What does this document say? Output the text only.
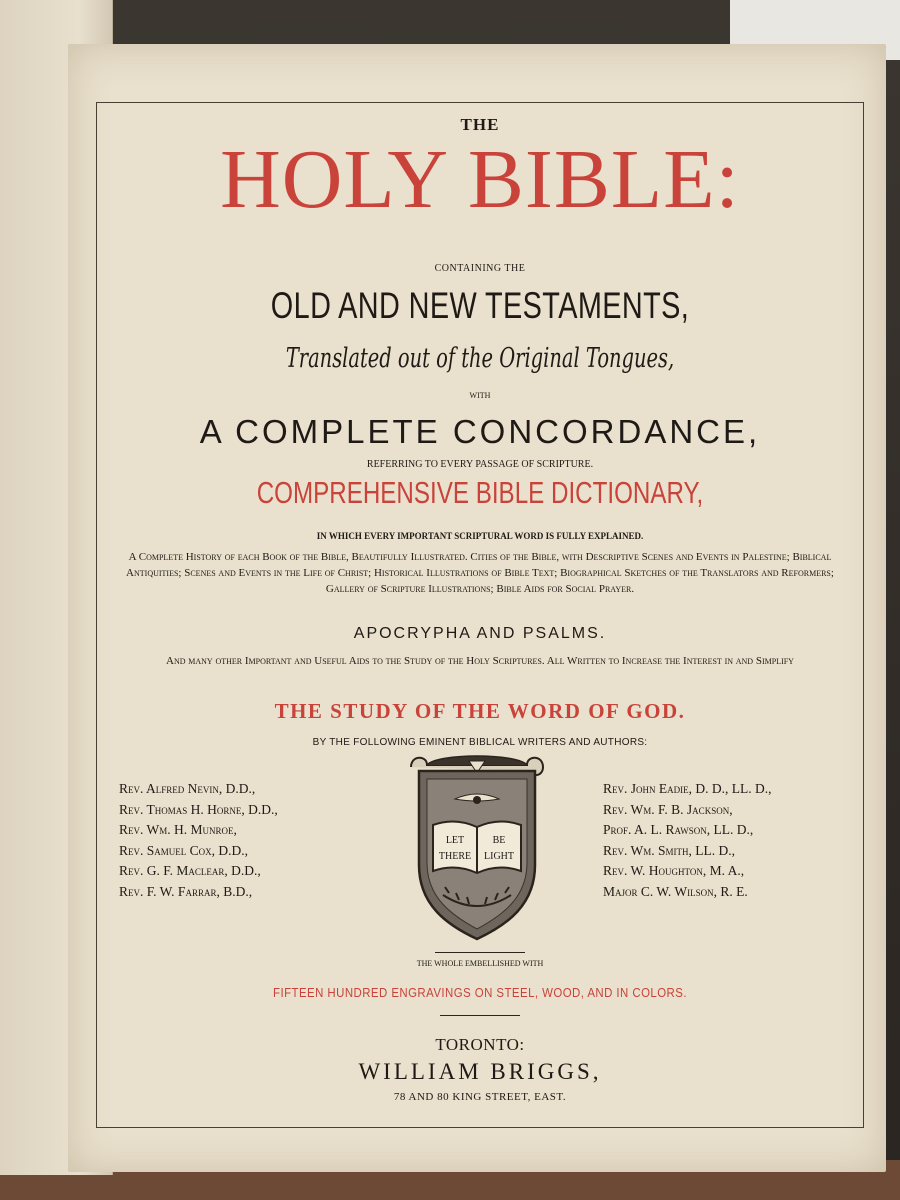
THE
HOLY BIBLE:
CONTAINING THE
OLD AND NEW TESTAMENTS,
Translated out of the Original Tongues,
WITH
A COMPLETE CONCORDANCE,
REFERRING TO EVERY PASSAGE OF SCRIPTURE.
COMPREHENSIVE BIBLE DICTIONARY,
IN WHICH EVERY IMPORTANT SCRIPTURAL WORD IS FULLY EXPLAINED.
A Complete History of each Book of the Bible, Beautifully Illustrated. Cities of the Bible, with Descriptive Scenes and Events in Palestine; Biblical Antiquities; Scenes and Events in the Life of Christ; Historical Illustrations of Bible Text; Biographical Sketches of the Translators and Reformers; Gallery of Scripture Illustrations; Bible Aids for Social Prayer.
APOCRYPHA AND PSALMS.
And many other Important and Useful Aids to the Study of the Holy Scriptures. All Written to Increase the Interest in and Simplify
THE STUDY OF THE WORD OF GOD.
BY THE FOLLOWING EMINENT BIBLICAL WRITERS AND AUTHORS:
Rev. Alfred Nevin, D.D.,
Rev. Thomas H. Horne, D.D.,
Rev. Wm. H. Munroe,
Rev. Samuel Cox, D.D.,
Rev. G. F. Maclear, D.D.,
Rev. F. W. Farrar, B.D.,
LET	BE
THERE LIGHT
Rev. John Eadie, D. D., LL. D.,
Rev. Wm. F. B. Jackson,
Prof. A. L. Rawson, LL. D.,
Rev. Wm. Smith, LL. D.,
Rev. W. Houghton, M. A.,
Major C. W. Wilson, R. E.
THE WHOLE EMBELLISHED WITH
FIFTEEN HUNDRED ENGRAVINGS ON STEEL, WOOD, AND IN COLORS.
TORONTO:
WILLIAM BRIGGS,
78 AND 80 KING STREET, EAST.
